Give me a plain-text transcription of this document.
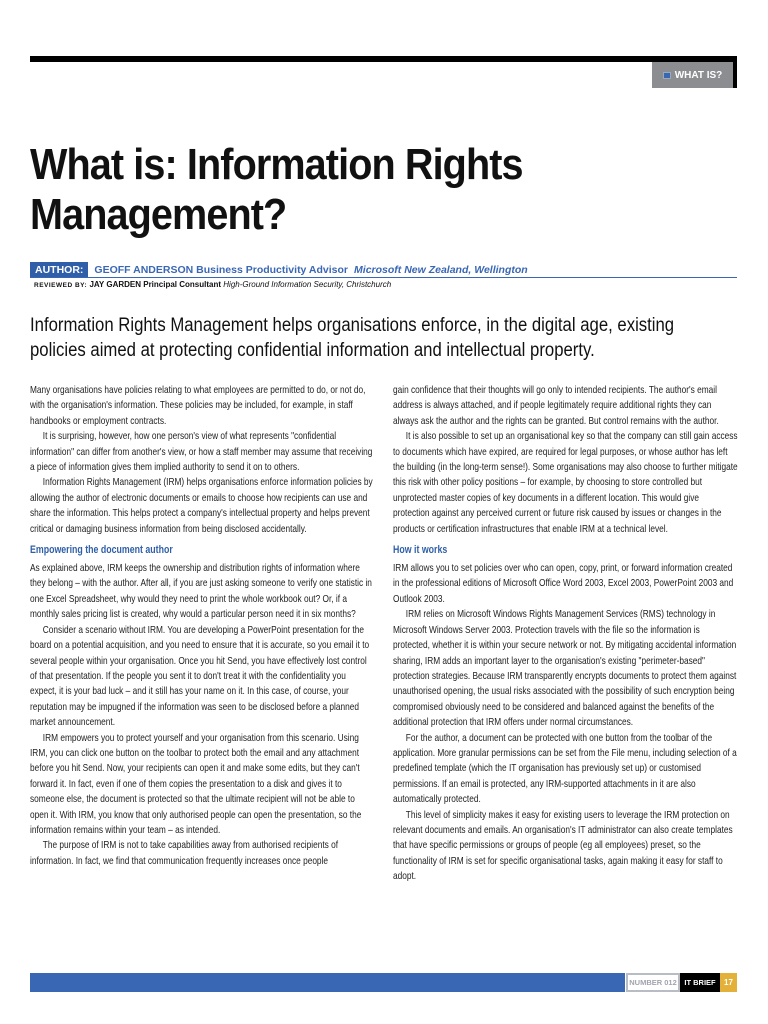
WHAT IS?
What is: Information Rights Management?
AUTHOR:	GEOFF ANDERSON Business Productivity Advisor Microsoft New Zealand, Wellington
REVIEWED BY: JAY GARDEN Principal Consultant High-Ground Information Security, Christchurch
Information Rights Management helps organisations enforce, in the digital age, existing policies aimed at protecting confidential information and intellectual property.

Many organisations have policies relating to what employees are permitted to do, or not do, with the organisation's information. These policies may be included, for example, in staff handbooks or employment contracts.

It is surprising, however, how one person's view of what represents "confidential information" can differ from another's view, or how a staff member may assume that receiving a piece of information gives them implied authority to send it on to others.

Information Rights Management (IRM) helps organisations enforce information policies by allowing the author of electronic documents or emails to choose how recipients can use and share the information. This helps protect a company's intellectual property and helps prevent critical or damaging business information from being disclosed accidentally.

Empowering the document author

As explained above, IRM keeps the ownership and distribution rights of information where they belong – with the author. After all, if you are just asking someone to verify one statistic in one Excel Spreadsheet, why would they need to print the whole workbook out? Or, if a monthly sales pricing list is created, why would a particular person need it in six months?

Consider a scenario without IRM. You are developing a PowerPoint presentation for the board on a potential acquisition, and you need to ensure that it is accurate, so you email it to several people within your organisation. Once you hit Send, you have effectively lost control of that presentation. If the people you sent it to don't treat it with the confidentiality you expect, it is your bad luck – and it still has your name on it. In this case, of course, your reputation may be impugned if the information was seen to be disclosed before a planned market announcement.

IRM empowers you to protect yourself and your organisation from this scenario. Using IRM, you can click one button on the toolbar to protect both the email and any attachment before you hit Send. Now, your recipients can open it and make some edits, but they can't forward it. In fact, even if one of them copies the presentation to a disk and gives it to someone else, the document is protected so that the ultimate recipient will not be able to open it. With IRM, you know that only authorised people can open the presentation, so the information remains within your team – as intended.

The purpose of IRM is not to take capabilities away from authorised recipients of information. In fact, we find that communication frequently increases once people

gain confidence that their thoughts will go only to intended recipients. The author's email address is always attached, and if people legitimately require additional rights they can always ask the author and the rights can be granted. But control remains with the author.

It is also possible to set up an organisational key so that the company can still gain access to documents which have expired, are required for legal purposes, or whose author has left the building (in the long-term sense!). Some organisations may also choose to further mitigate this risk with other policy positions – for example, by choosing to store controlled but unprotected master copies of key documents in a different location. This would give protection against any perceived current or future risk caused by issues or changes in the products or certification infrastructures that enable IRM at a technical level.

How it works

IRM allows you to set policies over who can open, copy, print, or forward information created in the professional editions of Microsoft Office Word 2003, Excel 2003, PowerPoint 2003 and Outlook 2003.

IRM relies on Microsoft Windows Rights Management Services (RMS) technology in Microsoft Windows Server 2003. Protection travels with the file so the information is protected, whether it is within your secure network or not. By mitigating accidental information sharing, IRM adds an important layer to the organisation's existing "perimeter-based" protection strategies. Because IRM transparently encrypts documents to protect them against unauthorised opening, the usual risks associated with the possibility of such encryption being compromised obviously need to be considered and balanced against the benefits of the additional protection that IRM offers under normal circumstances.

For the author, a document can be protected with one button from the toolbar of the application. More granular permissions can be set from the File menu, including selection of a predefined template (which the IT organisation has previously set up) or customised permissions. If an email is protected, any IRM-supported attachments in it are also automatically protected.

This level of simplicity makes it easy for existing users to leverage the IRM protection on relevant documents and emails. An organisation's IT administrator can also create templates that have specific permissions or groups of people (eg all employees) preset, so the functionality of IRM is set for specific organisational tasks, again making it easy for staff to adopt.

NUMBER 012	IT BRIEF	17
